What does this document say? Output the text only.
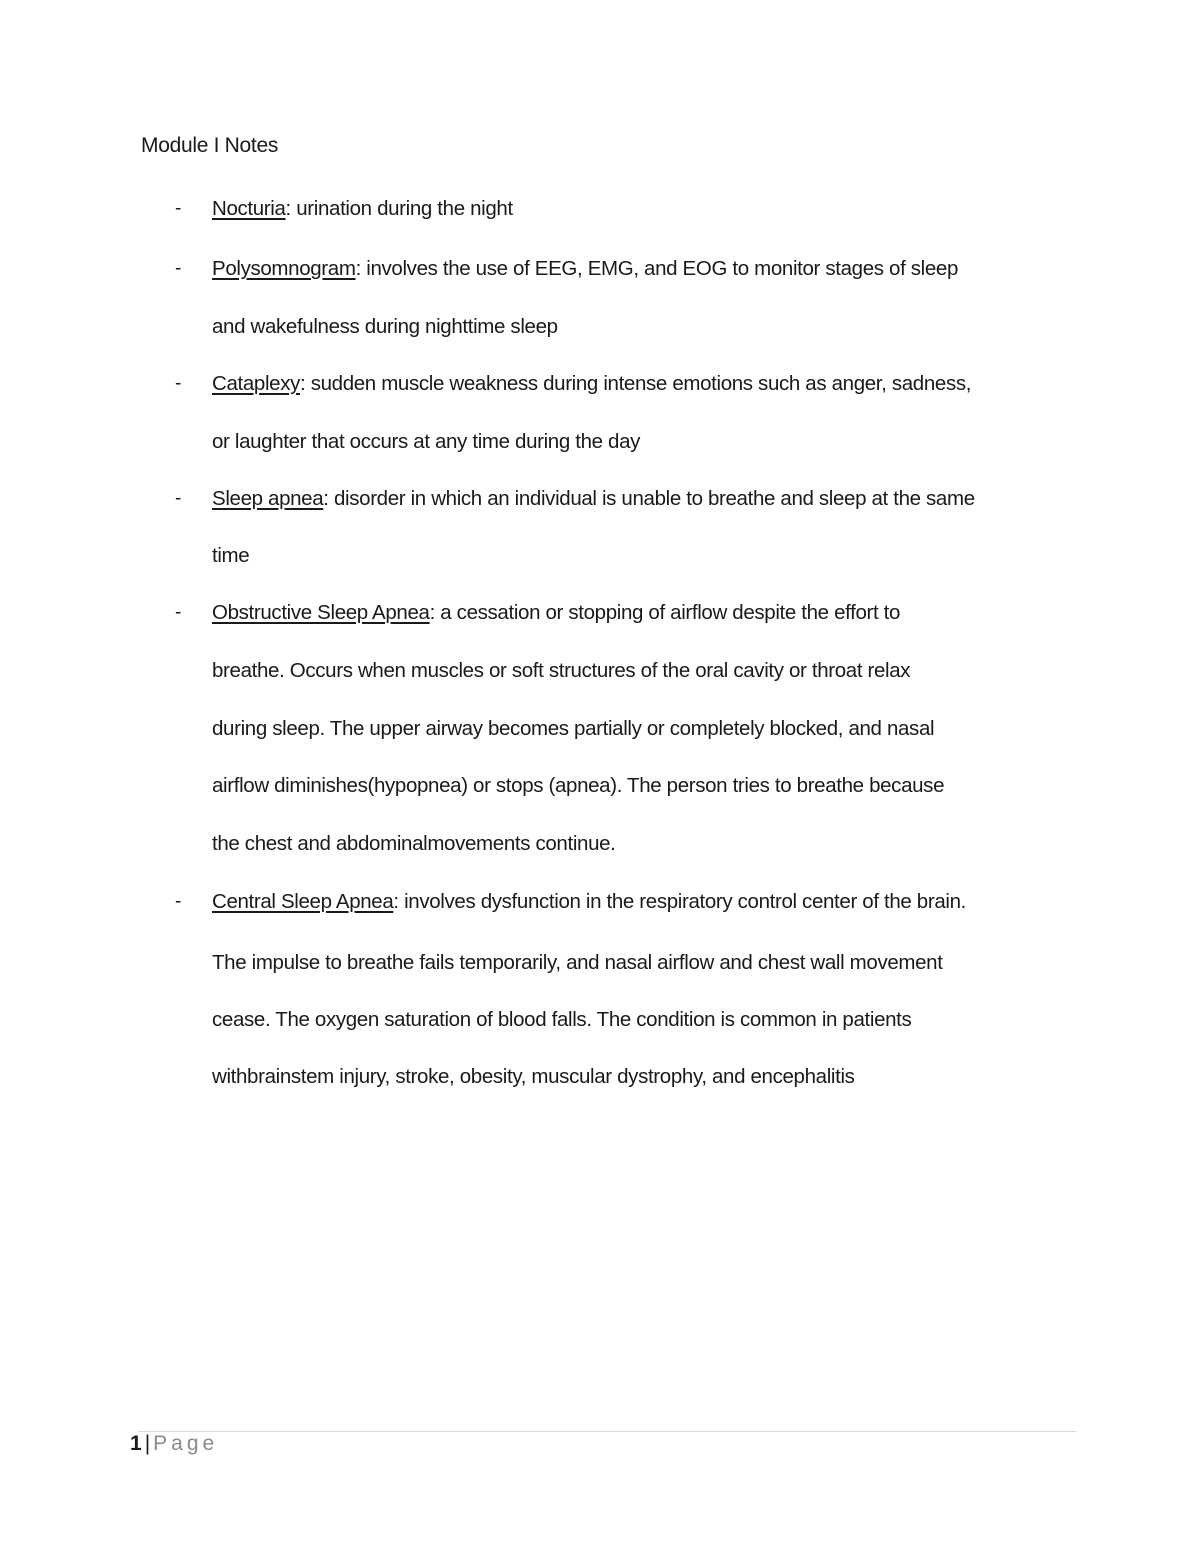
Module I Notes
- Nocturia: urination during the night
- Polysomnogram: involves the use of EEG, EMG, and EOG to monitor stages of sleep
and wakefulness during nighttime sleep
- Cataplexy: sudden muscle weakness during intense emotions such as anger, sadness,
or laughter that occurs at any time during the day
- Sleep apnea: disorder in which an individual is unable to breathe and sleep at the same
time
- Obstructive Sleep Apnea: a cessation or stopping of airflow despite the effort to
breathe. Occurs when muscles or soft structures of the oral cavity or throat relax
during sleep. The upper airway becomes partially or completely blocked, and nasal
airflow diminishes(hypopnea) or stops (apnea). The person tries to breathe because
the chest and abdominalmovements continue.
- Central Sleep Apnea: involves dysfunction in the respiratory control center of the brain.
The impulse to breathe fails temporarily, and nasal airflow and chest wall movement
cease. The oxygen saturation of blood falls. The condition is common in patients
withbrainstem injury, stroke, obesity, muscular dystrophy, and encephalitis
1 | Page
